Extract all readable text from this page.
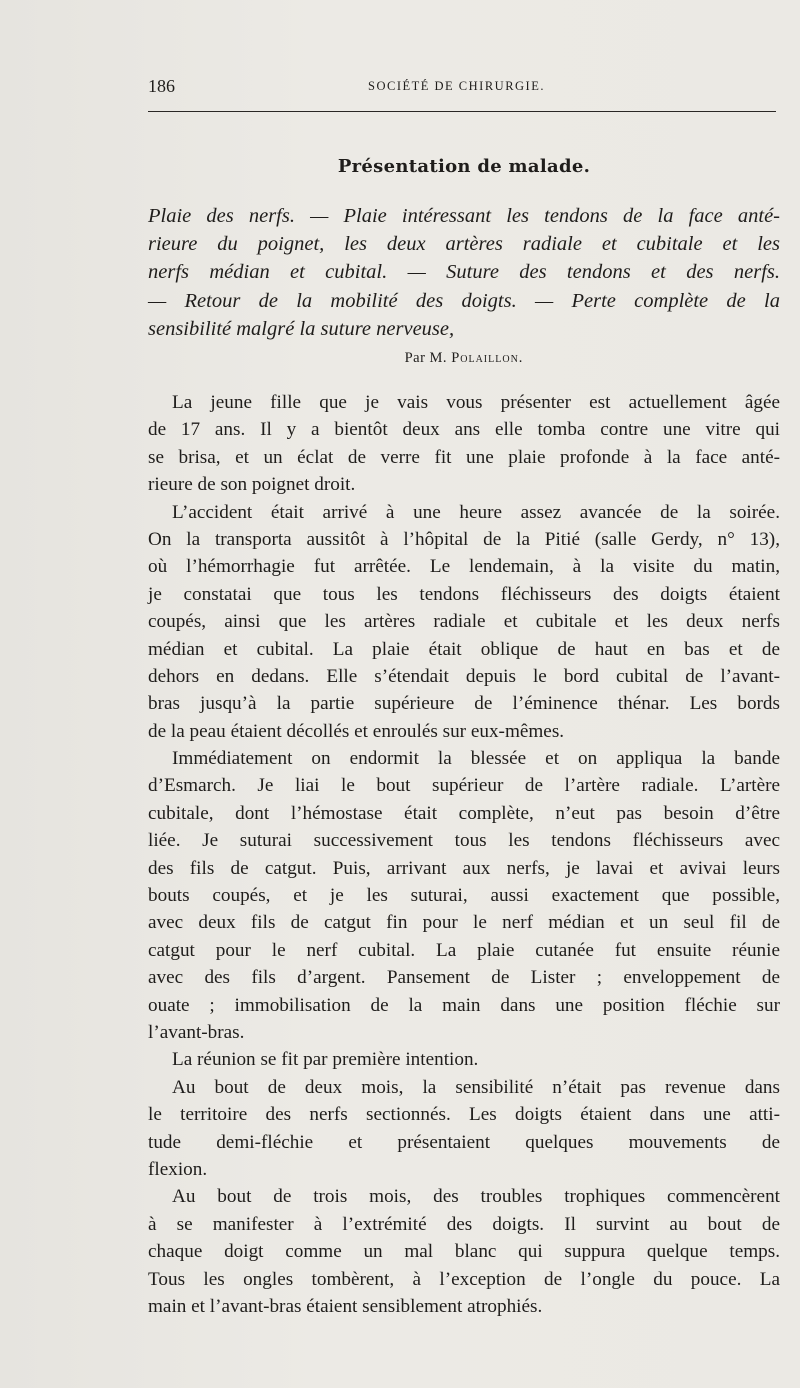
186	SOCIÉTÉ DE CHIRURGIE.
Présentation de malade.
Plaie des nerfs. — Plaie intéressant les tendons de la face anté-
rieure du poignet, les deux artères radiale et cubitale et les
nerfs médian et cubital. — Suture des tendons et des nerfs.
— Retour de la mobilité des doigts. — Perte complète de la
sensibilité malgré la suture nerveuse,
Par M. Polaillon.
La jeune fille que je vais vous présenter est actuellement âgée
de 17 ans. Il y a bientôt deux ans elle tomba contre une vitre qui
se brisa, et un éclat de verre fit une plaie profonde à la face anté-
rieure de son poignet droit.
L’accident était arrivé à une heure assez avancée de la soirée.
On la transporta aussitôt à l’hôpital de la Pitié (salle Gerdy, n° 13),
où l’hémorrhagie fut arrêtée. Le lendemain, à la visite du matin,
je constatai que tous les tendons fléchisseurs des doigts étaient
coupés, ainsi que les artères radiale et cubitale et les deux nerfs
médian et cubital. La plaie était oblique de haut en bas et de
dehors en dedans. Elle s’étendait depuis le bord cubital de l’avant-
bras jusqu’à la partie supérieure de l’éminence thénar. Les bords
de la peau étaient décollés et enroulés sur eux-mêmes.
Immédiatement on endormit la blessée et on appliqua la bande
d’Esmarch. Je liai le bout supérieur de l’artère radiale. L’artère
cubitale, dont l’hémostase était complète, n’eut pas besoin d’être
liée. Je suturai successivement tous les tendons fléchisseurs avec
des fils de catgut. Puis, arrivant aux nerfs, je lavai et avivai leurs
bouts coupés, et je les suturai, aussi exactement que possible,
avec deux fils de catgut fin pour le nerf médian et un seul fil de
catgut pour le nerf cubital. La plaie cutanée fut ensuite réunie
avec des fils d’argent. Pansement de Lister ; enveloppement de
ouate ; immobilisation de la main dans une position fléchie sur
l’avant-bras.
La réunion se fit par première intention.
Au bout de deux mois, la sensibilité n’était pas revenue dans
le territoire des nerfs sectionnés. Les doigts étaient dans une atti-
tude demi-fléchie et présentaient quelques mouvements de
flexion.
Au bout de trois mois, des troubles trophiques commencèrent
à se manifester à l’extrémité des doigts. Il survint au bout de
chaque doigt comme un mal blanc qui suppura quelque temps.
Tous les ongles tombèrent, à l’exception de l’ongle du pouce. La
main et l’avant-bras étaient sensiblement atrophiés.
